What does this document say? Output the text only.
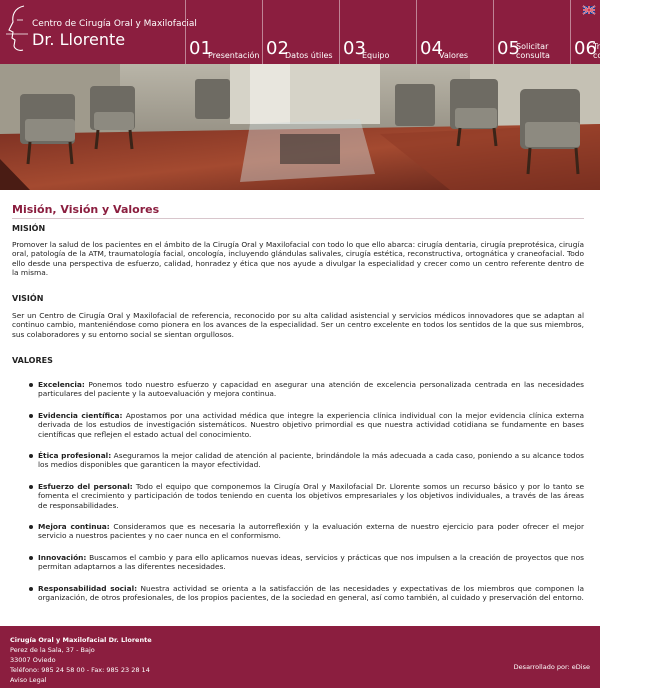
Centro de Cirugía Oral y Maxilofacial
Dr. Llorente	01
Presentación 02
Datos útiles 03
Equipo 04
Valores 05
Solicitar
consulta 06
Trabaja
con nosotros
Misión, Visión y Valores
MISIÓN
Promover la salud de los pacientes en el ámbito de la Cirugía Oral y Maxilofacial con todo lo que ello abarca: cirugía dentaria, cirugía preprotésica, cirugía oral, patología de la ATM, traumatología facial, oncología, incluyendo glándulas salivales, cirugía estética, reconstructiva, ortognática y craneofacial. Todo ello desde una perspectiva de esfuerzo, calidad, honradez y ética que nos ayude a divulgar la especialidad y crecer como un centro referente dentro de la misma.
VISIÓN
Ser un Centro de Cirugía Oral y Maxilofacial de referencia, reconocido por su alta calidad asistencial y servicios médicos innovadores que se adaptan al continuo cambio, manteniéndose como pionera en los avances de la especialidad. Ser un centro excelente en todos los sentidos de la que sus miembros, sus colaboradores y su entorno social se sientan orgullosos.
VALORES
Excelencia: Ponemos todo nuestro esfuerzo y capacidad en asegurar una atención de excelencia personalizada centrada en las necesidades particulares del paciente y la autoevaluación y mejora continua.
Evidencia científica: Apostamos por una actividad médica que integre la experiencia clínica individual con la mejor evidencia clínica externa derivada de los estudios de investigación sistemáticos. Nuestro objetivo primordial es que nuestra actividad cotidiana se fundamente en bases científicas que reflejen el estado actual del conocimiento.
Ética profesional: Aseguramos la mejor calidad de atención al paciente, brindándole la más adecuada a cada caso, poniendo a su alcance todos los medios disponibles que garanticen la mayor efectividad.
Esfuerzo del personal: Todo el equipo que componemos la Cirugía Oral y Maxilofacial Dr. Llorente somos un recurso básico y por lo tanto se fomenta el crecimiento y participación de todos teniendo en cuenta los objetivos empresariales y los objetivos individuales, a través de las áreas de responsabilidades.
Mejora continua: Consideramos que es necesaria la autorreflexión y la evaluación externa de nuestro ejercicio para poder ofrecer el mejor servicio a nuestros pacientes y no caer nunca en el conformismo.
Innovación: Buscamos el cambio y para ello aplicamos nuevas ideas, servicios y prácticas que nos impulsen a la creación de proyectos que nos permitan adaptarnos a las diferentes necesidades.
Responsabilidad social: Nuestra actividad se orienta a la satisfacción de las necesidades y expectativas de los miembros que componen la organización, de otros profesionales, de los propios pacientes, de la sociedad en general, así como también, al cuidado y preservación del entorno.
Cirugía Oral y Maxilofacial Dr. Llorente
Perez de la Sala, 37 - Bajo
33007 Oviedo
Teléfono: 985 24 58 00 - Fax: 985 23 28 14
Aviso Legal
Desarrollado por: eDise
